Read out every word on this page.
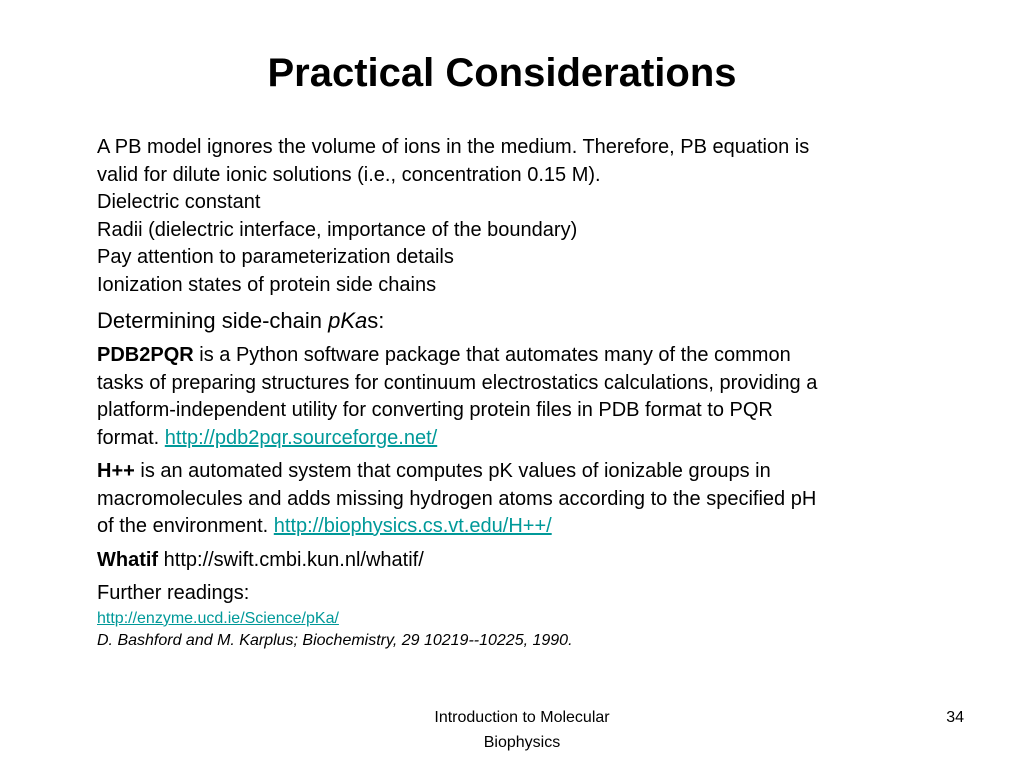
Practical Considerations
A PB model ignores the volume of ions in the medium. Therefore, PB equation is
valid for dilute ionic solutions (i.e., concentration 0.15 M).
Dielectric constant
Radii (dielectric interface, importance of the boundary)
Pay attention to parameterization details
Ionization states of protein side chains
Determining side-chain pKas:
PDB2PQR is a Python software package that automates many of the common
tasks of preparing structures for continuum electrostatics calculations, providing a
platform-independent utility for converting protein files in PDB format to PQR
format. http://pdb2pqr.sourceforge.net/
H++ is an automated system that computes pK values of ionizable groups in
macromolecules and adds missing hydrogen atoms according to the specified pH
of the environment. http://biophysics.cs.vt.edu/H++/
Whatif http://swift.cmbi.kun.nl/whatif/
Further readings:
http://enzyme.ucd.ie/Science/pKa/
D. Bashford and M. Karplus; Biochemistry, 29 10219--10225, 1990.
Introduction to Molecular
Biophysics
34
